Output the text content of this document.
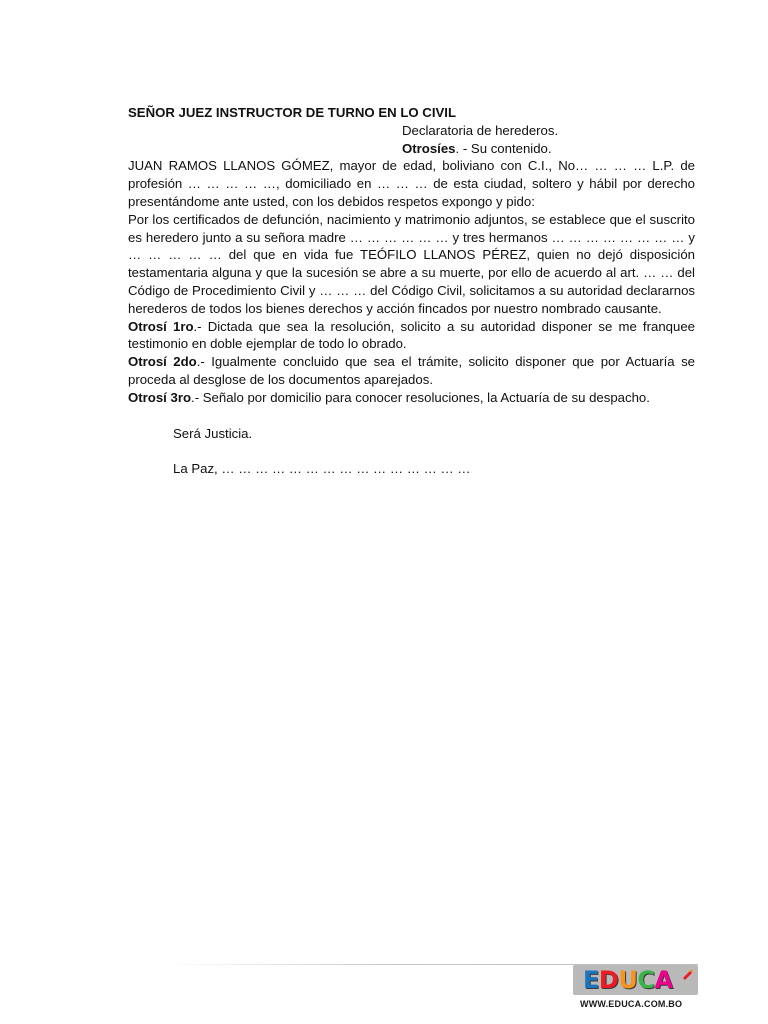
SEÑOR JUEZ INSTRUCTOR DE TURNO EN LO CIVIL

Declaratoria de herederos.

Otrosíes. - Su contenido.

JUAN RAMOS LLANOS GÓMEZ, mayor de edad, boliviano con C.I., No… … … … L.P. de profesión … … … … …, domiciliado en … … … de esta ciudad, soltero y hábil por derecho presentándome ante usted, con los debidos respetos expongo y pido:

Por los certificados de defunción, nacimiento y matrimonio adjuntos, se establece que el suscrito es heredero junto a su señora madre … … … … … … y tres hermanos … … … … … … … … y … … … … … del que en vida fue TEÓFILO LLANOS PÉREZ, quien no dejó disposición testamentaria alguna y que la sucesión se abre a su muerte, por ello de acuerdo al art. … … del Código de Procedimiento Civil y … … … del Código Civil, solicitamos a su autoridad declararnos herederos de todos los bienes derechos y acción fincados por nuestro nombrado causante.

Otrosí 1ro.- Dictada que sea la resolución, solicito a su autoridad disponer se me franquee testimonio en doble ejemplar de todo lo obrado.

Otrosí 2do.- Igualmente concluido que sea el trámite, solicito disponer que por Actuaría se proceda al desglose de los documentos aparejados.

Otrosí 3ro.- Señalo por domicilio para conocer resoluciones, la Actuaría de su despacho.

Será Justicia.

La Paz, … … … … … … … … … … … … … … …

EDUCA
WWW.EDUCA.COM.BO
